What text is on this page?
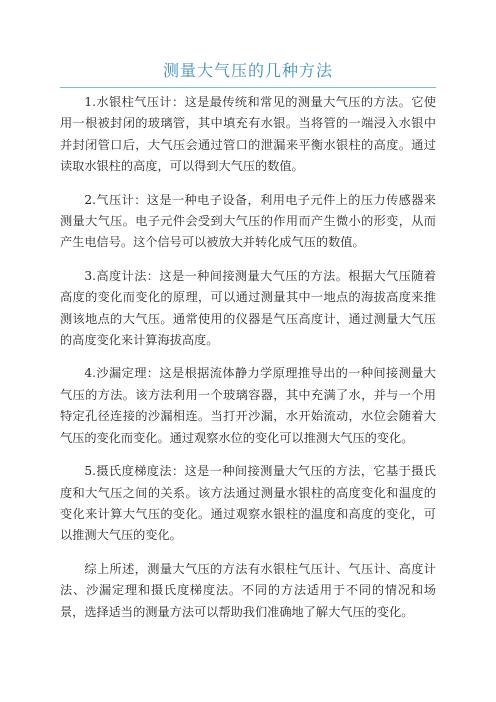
测量大气压的几种方法

1.水银柱气压计：这是最传统和常见的测量大气压的方法。它使用一根被封闭的玻璃管，其中填充有水银。当将管的一端浸入水银中并封闭管口后，大气压会通过管口的泄漏来平衡水银柱的高度。通过读取水银柱的高度，可以得到大气压的数值。

2.气压计：这是一种电子设备，利用电子元件上的压力传感器来测量大气压。电子元件会受到大气压的作用而产生微小的形变，从而产生电信号。这个信号可以被放大并转化成气压的数值。

3.高度计法：这是一种间接测量大气压的方法。根据大气压随着高度的变化而变化的原理，可以通过测量其中一地点的海拔高度来推测该地点的大气压。通常使用的仪器是气压高度计，通过测量大气压的高度变化来计算海拔高度。

4.沙漏定理：这是根据流体静力学原理推导出的一种间接测量大气压的方法。该方法利用一个玻璃容器，其中充满了水，并与一个用特定孔径连接的沙漏相连。当打开沙漏，水开始流动，水位会随着大气压的变化而变化。通过观察水位的变化可以推测大气压的变化。

5.摄氏度梯度法：这是一种间接测量大气压的方法，它基于摄氏度和大气压之间的关系。该方法通过测量水银柱的高度变化和温度的变化来计算大气压的变化。通过观察水银柱的温度和高度的变化，可以推测大气压的变化。

综上所述，测量大气压的方法有水银柱气压计、气压计、高度计法、沙漏定理和摄氏度梯度法。不同的方法适用于不同的情况和场景，选择适当的测量方法可以帮助我们准确地了解大气压的变化。
